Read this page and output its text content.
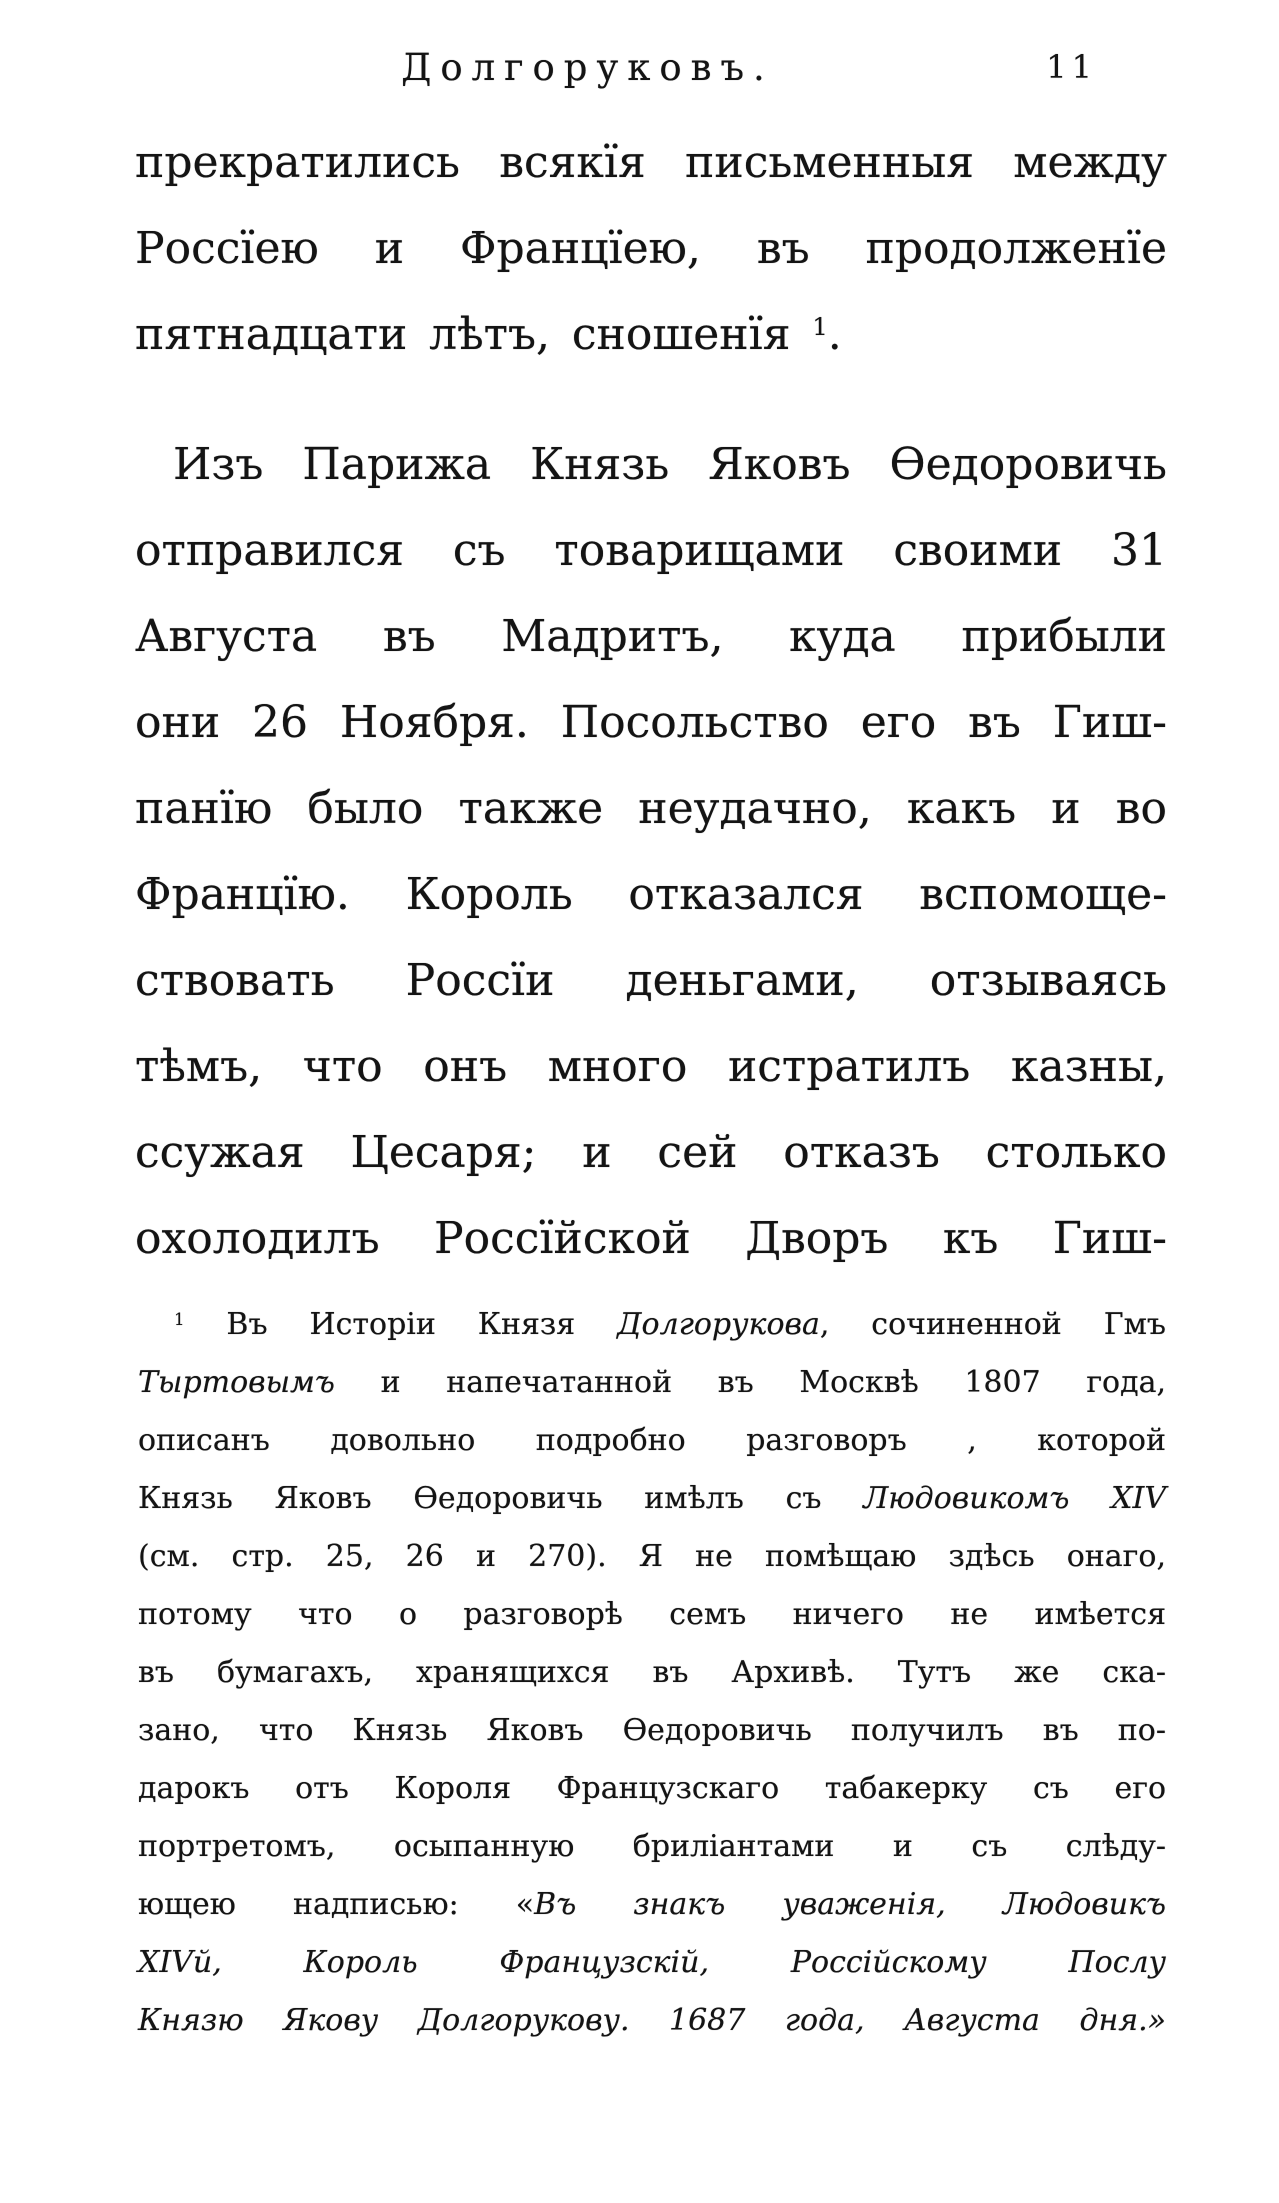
Долгоруковъ.	11
прекратились всякїя письменныя между
Россїею и Францїею, въ продолженїе
пятнадцати лѣтъ, сношенїя $^1$.
Изъ Парижа Князь Яковъ Ѳедоровичь
отправился съ товарищами своими 31
Августа въ Мадритъ, куда прибыли
они 26 Ноября. Посольство его въ Гиш-
панїю было также неудачно, какъ и во
Францїю. Король отказался вспомоще-
ствовать Россїи деньгами, отзываясь
тѣмъ, что онъ много истратилъ казны,
ссужая Цесаря; и сей отказъ столько
охолодилъ Россїйской Дворъ къ Гиш-
$^1$ Въ Исторіи Князя Долгорукова, сочиненной Гмъ
Тыртовымъ и напечатанной въ Москвѣ 1807 года,
описанъ довольно подробно разговоръ , которой
Князь Яковъ Ѳедоровичь имѣлъ съ Людовикомъ XIV
(см. стр. 25, 26 и 270). Я не помѣщаю здѣсь онаго,
потому что о разговорѣ семъ ничего не имѣется
въ бумагахъ, хранящихся въ Архивѣ. Тутъ же ска-
зано, что Князь Яковъ Ѳедоровичь получилъ въ по-
дарокъ отъ Короля Французскаго табакерку съ его
портретомъ, осыпанную бриліантами и съ слѣду-
ющею надписью: «Въ знакъ уваженія, Людовикъ
XIVй, Король Французскій, Россійскому Послу
Князю Якову Долгорукову. 1687 года, Августа дня.»
